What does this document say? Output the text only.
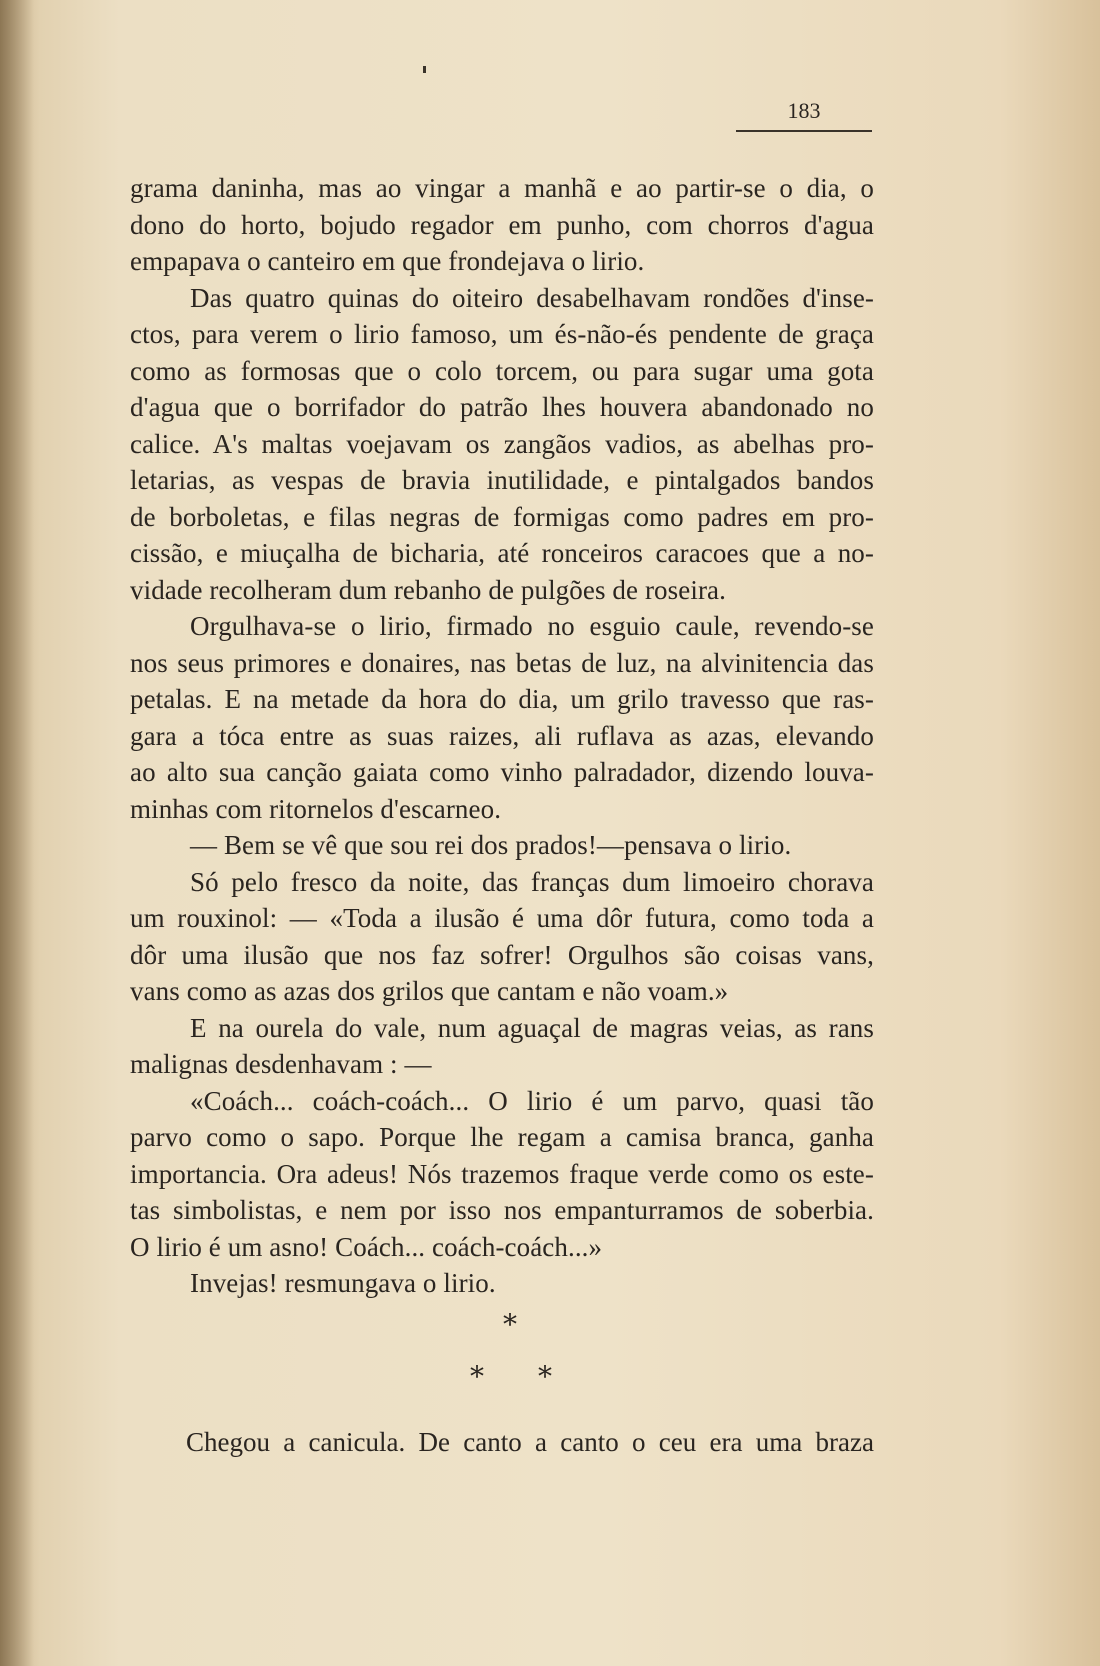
183
grama daninha, mas ao vingar a manhã e ao partir-se o dia, o
dono do horto, bojudo regador em punho, com chorros d'agua
empapava o canteiro em que frondejava o lirio.
Das quatro quinas do oiteiro desabelhavam rondões d'inse-
ctos, para verem o lirio famoso, um és-não-és pendente de graça
como as formosas que o colo torcem, ou para sugar uma gota
d'agua que o borrifador do patrão lhes houvera abandonado no
calice. A's maltas voejavam os zangãos vadios, as abelhas pro-
letarias, as vespas de bravia inutilidade, e pintalgados bandos
de borboletas, e filas negras de formigas como padres em pro-
cissão, e miuçalha de bicharia, até ronceiros caracoes que a no-
vidade recolheram dum rebanho de pulgões de roseira.
Orgulhava-se o lirio, firmado no esguio caule, revendo-se
nos seus primores e donaires, nas betas de luz, na alvinitencia das
petalas. E na metade da hora do dia, um grilo travesso que ras-
gara a tóca entre as suas raizes, ali ruflava as azas, elevando
ao alto sua canção gaiata como vinho palradador, dizendo louva-
minhas com ritornelos d'escarneo.
— Bem se vê que sou rei dos prados!—pensava o lirio.
Só pelo fresco da noite, das franças dum limoeiro chorava
um rouxinol: — «Toda a ilusão é uma dôr futura, como toda a
dôr uma ilusão que nos faz sofrer! Orgulhos são coisas vans,
vans como as azas dos grilos que cantam e não voam.»
E na ourela do vale, num aguaçal de magras veias, as rans
malignas desdenhavam : —
«Coách... coách-coách... O lirio é um parvo, quasi tão
parvo como o sapo. Porque lhe regam a camisa branca, ganha
importancia. Ora adeus! Nós trazemos fraque verde como os este-
tas simbolistas, e nem por isso nos empanturramos de soberbia.
O lirio é um asno! Coách... coách-coách...»
Invejas! resmungava o lirio.
*
* *
Chegou a canicula. De canto a canto o ceu era uma braza
